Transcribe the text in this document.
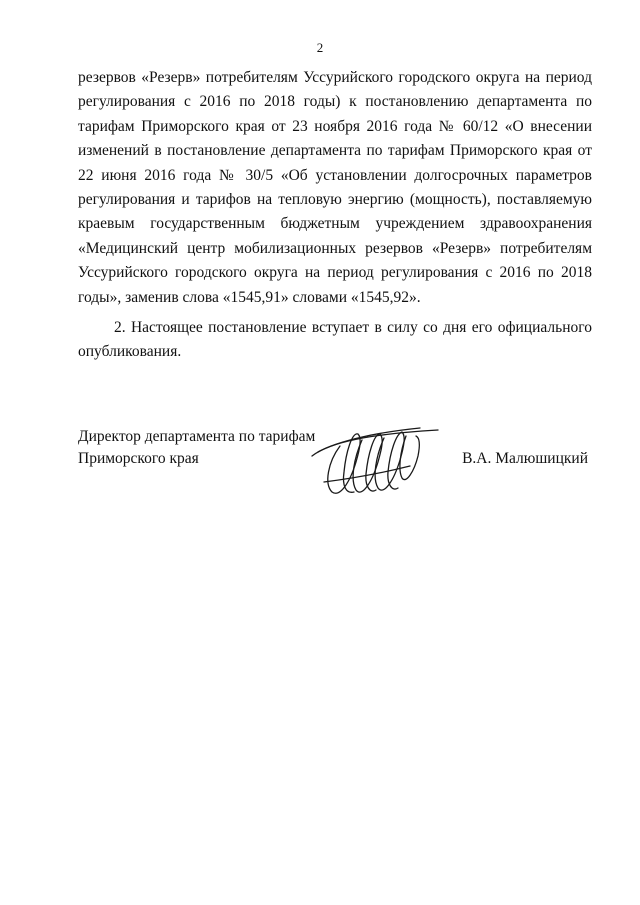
2

резервов «Резерв» потребителям Уссурийского городского округа на период регулирования с 2016 по 2018 годы) к постановлению департамента по тарифам Приморского края от 23 ноября 2016 года № 60/12 «О внесении изменений в постановление департамента по тарифам Приморского края от 22 июня 2016 года № 30/5 «Об установлении долгосрочных параметров регулирования и тарифов на тепловую энергию (мощность), поставляемую краевым государственным бюджетным учреждением здравоохранения «Медицинский центр мобилизационных резервов «Резерв» потребителям Уссурийского городского округа на период регулирования с 2016 по 2018 годы», заменив слова «1545,91» словами «1545,92».

2. Настоящее постановление вступает в силу со дня его официального опубликования.

Директор департамента по тарифам
Приморского края	В.А. Малюшицкий
